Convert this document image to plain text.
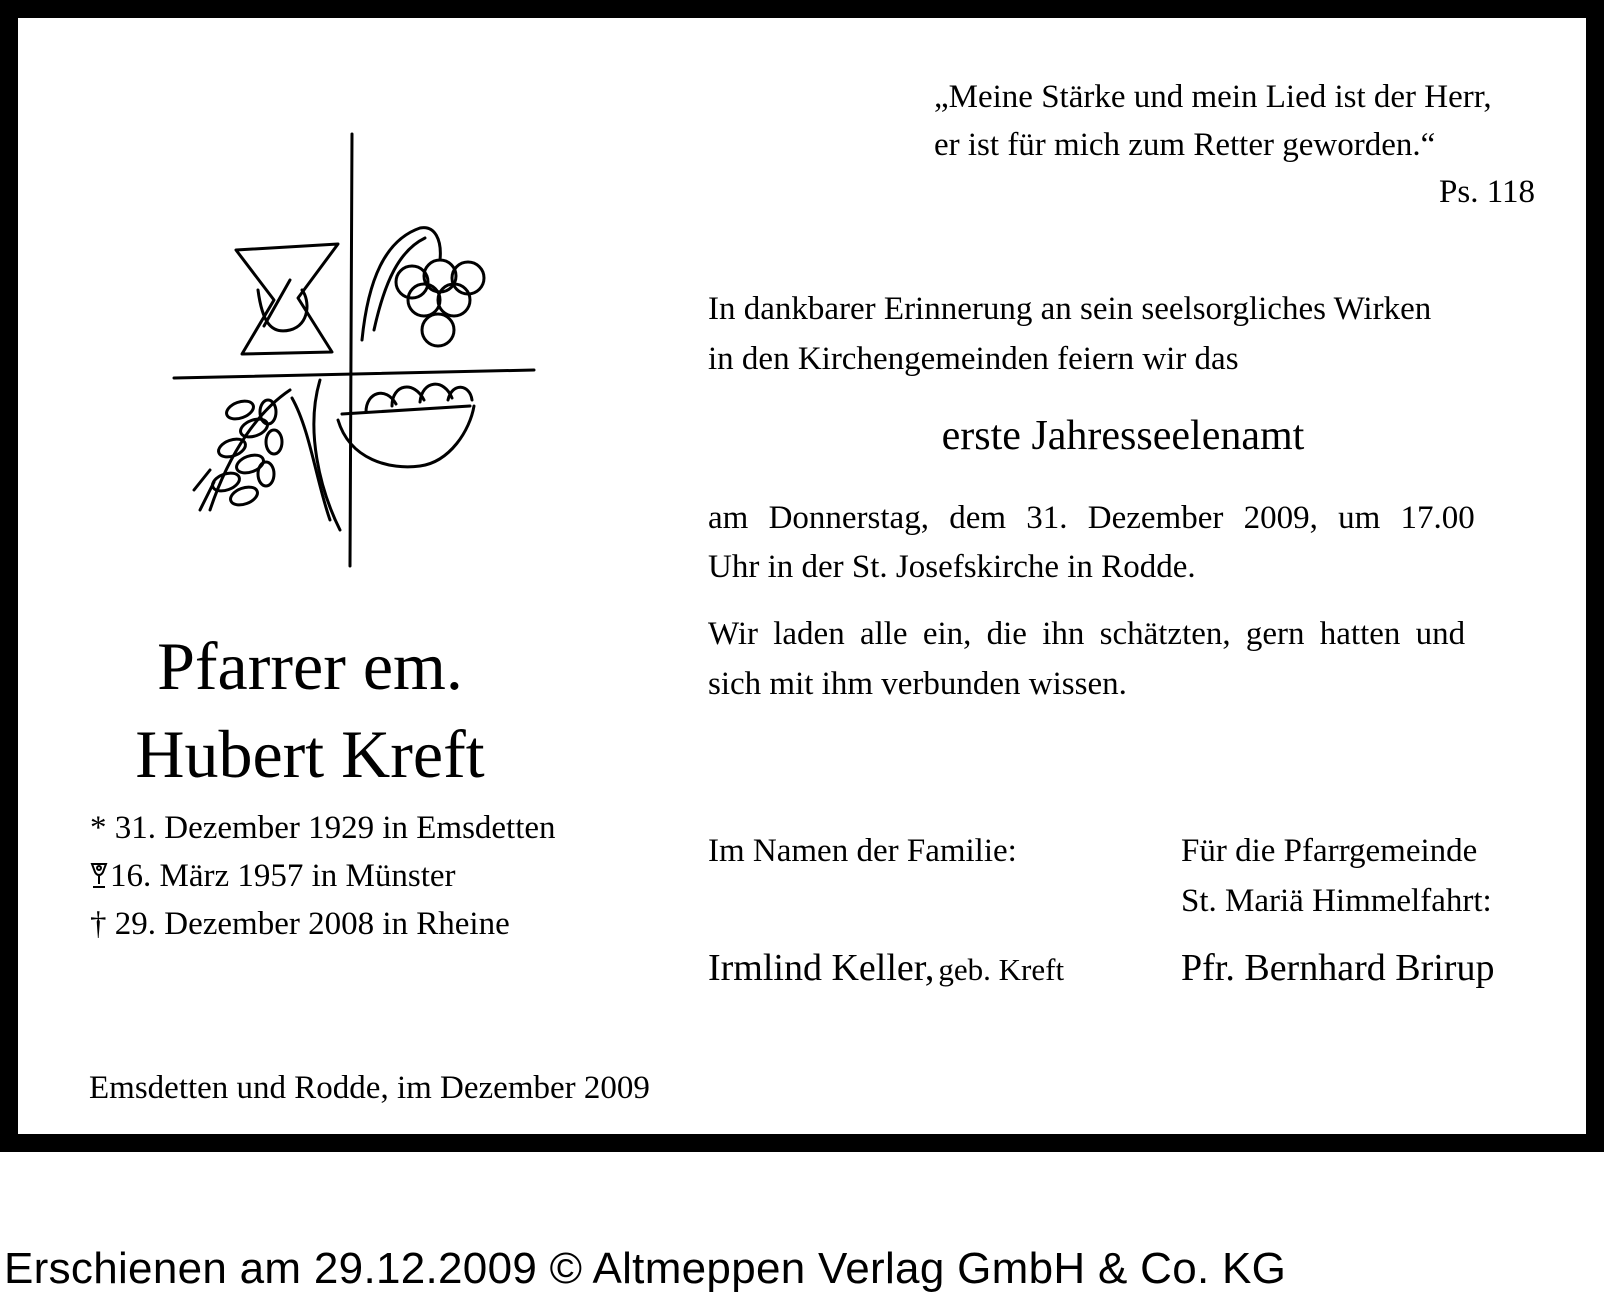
„Meine Stärke und mein Lied ist der Herr,
er ist für mich zum Retter geworden.“
Ps. 118
In dankbarer Erinnerung an sein seelsorgliches Wirken
in den Kirchengemeinden feiern wir das
erste Jahresseelenamt
am Donnerstag, dem 31. Dezember 2009, um 17.00
Uhr in der St. Josefskirche in Rodde.
Wir laden alle ein, die ihn schätzten, gern hatten und
sich mit ihm verbunden wissen.
Pfarrer em.
Hubert Kreft
* 31. Dezember 1929 in Emsdetten
16. März 1957 in Münster
† 29. Dezember 2008 in Rheine
Im Namen der Familie:	Für die Pfarrgemeinde
St. Mariä Himmelfahrt:
Irmlind Keller, geb. Kreft	Pfr. Bernhard Brirup
Emsdetten und Rodde, im Dezember 2009
Erschienen am 29.12.2009 © Altmeppen Verlag GmbH & Co. KG
